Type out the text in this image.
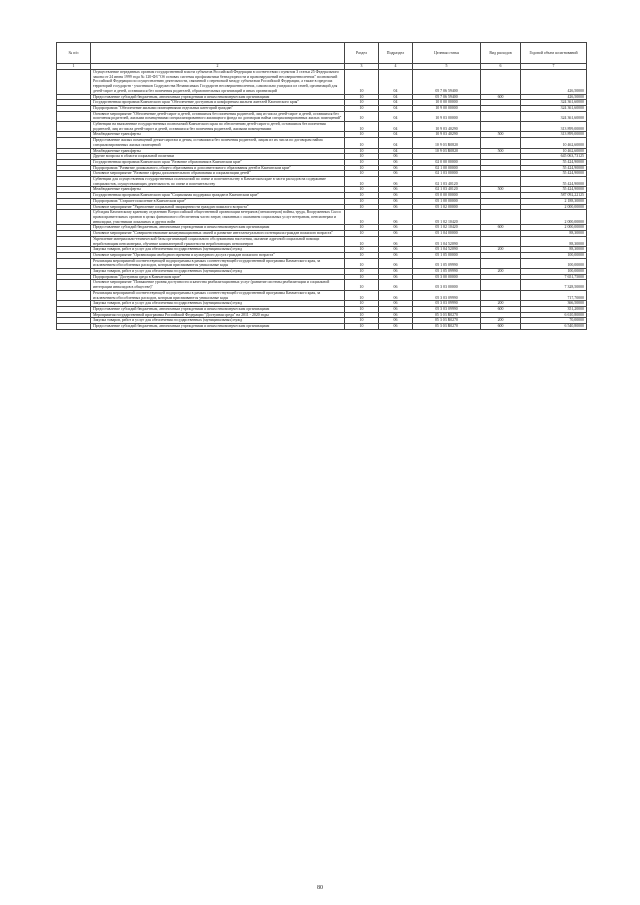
№ п/п		Раздел	Подраздел	Целевая статья	Вид расходов	Годовой объем ассигнований
1	2	3	4	5	6	7
	Осуществление переданных органам государственной власти субъектов Российской Федерации в соответствии с пунктом 3 статьи 25 Федерального закона от 24 июня 1999 года № 120-ФЗ "Об основах системы профилактики безнадзорности и правонарушений несовершеннолетних" полномочий Российской Федерации по осуществлению деятельности, связанной с перевозкой между субъектами Российской Федерации, а также в пределах территорий государств - участников Содружества Независимых Государств несовершеннолетних, самовольно ушедших из семей, организаций для детей-сирот и детей, оставшихся без попечения родителей, образовательных организаций и иных организаций	10	04	05 7 06 59400		426,50000
	Предоставление субсидий бюджетным, автономным учреждениям и иным некоммерческим организациям	10	04	05 7 06 59400	600	426,50000
	Государственная программа Камчатского края "Обеспечение доступным и комфортным жильем жителей Камчатского края"	10	04	10 0 00 00000		324 361,60000
	Подпрограмма "Обеспечение жилыми помещениями отдельных категорий граждан"	10	04	10 9 00 00000		324 361,60000
	Основное мероприятие "Обеспечение детей-сирот и детей, оставшихся без попечения родителей, лиц из числа детей-сирот и детей, оставшихся без попечения родителей, жилыми помещениями специализированного жилищного фонда по договорам найма специализированных жилых помещений"	10	04	10 9 03 00000		324 361,60000
	Субвенции на выполнение государственных полномочий Камчатского края по обеспечению детей-сирот и детей, оставшихся без попечения родителей, лиц из числа детей-сирот и детей, оставшихся без попечения родителей, жилыми помещениями	10	04	10 9 03 40290		313 899,00000
	Межбюджетные трансферты	10	04	10 9 03 40290	500	313 899,00000
	Предоставление жилых помещений детям-сиротам и детям, оставшимся без попечения родителей, лицам из их числа по договорам найма специализированных жилых помещений	10	04	10 9 03 R0820		10 462,60000
	Межбюджетные трансферты	10	04	10 9 03 R0820	500	10 462,60000
	Другие вопросы в области социальной политики	10	06			645 063,73125
	Государственная программа Камчатского края "Развитие образования в Камчатском крае"	10	06	02 0 00 00000		55 424,90000
	Подпрограмма "Развитие дошкольного, общего образования и дополнительного образования детей в Камчатском крае"	10	06	02 1 00 00000		55 424,90000
	Основное мероприятие "Развитие сферы дополнительного образования и социализации детей"	10	06	02 1 03 00000		55 424,90000
	Субвенции для осуществления государственных полномочий по опеке и попечительству в Камчатском крае в части расходов на содержание специалистов, осуществляющих деятельность по опеке и попечительству	10	06	02 1 03 40120		55 424,90000
	Межбюджетные трансферты	10	06	02 1 03 40120	500	55 424,90000
	Государственная программа Камчатского края "Социальная поддержка граждан в Камчатском крае"	10	06	05 0 00 00000		587 092,22125
	Подпрограмма "Старшее поколение в Камчатском крае"	10	06	05 1 00 00000		2 188,30000
	Основное мероприятие "Укрепление социальной защищенности граждан пожилого возраста"	10	06	05 1 02 00000		2 000,00000
	Субсидия Камчатскому краевому отделению Всероссийской общественной организации ветеранов (пенсионеров) войны, труда, Вооруженных Сил и правоохранительных органов в целях финансового обеспечения части затрат, связанных с оказанием социальных услуг ветеранам, пенсионерам и инвалидам, участникам локальных и других войн	10	06	05 1 02 10420		2 000,00000
	Предоставление субсидий бюджетным, автономным учреждениям и иным некоммерческим организациям	10	06	05 1 02 10420	600	2 000,00000
	Основное мероприятие "Совершенствование коммуникационных связей и развитие интеллектуального потенциала граждан пожилого возраста"	10	06	05 1 04 00000		88,30000
	Укрепление материально-технической базы организаций социального обслуживания населения, оказание адресной социальной помощи неработающим пенсионерам, обучение компьютерной грамотности неработающих пенсионеров	10	06	05 1 04 52090		88,30000
	Закупка товаров, работ и услуг для обеспечения государственных (муниципальных) нужд	10	06	05 1 04 52090	200	88,30000
	Основное мероприятие "Организация свободного времени и культурного досуга граждан пожилого возраста"	10	06	05 1 05 00000		100,00000
	Реализация мероприятий соответствующей подпрограммы в рамках соответствующей государственной программы Камчатского края, за исключением обособленных расходов, которым присваиваются уникальные коды	10	06	05 1 05 09990		100,00000
	Закупка товаров, работ и услуг для обеспечения государственных (муниципальных) нужд	10	06	05 1 05 09990	200	100,00000
	Подпрограмма "Доступная среда в Камчатском крае"	10	06	05 3 00 00000		7 651,75000
	Основное мероприятие "Повышение уровня доступности и качества реабилитационных услуг (развитие системы реабилитации и социальной интеграции инвалидов в обществе)"	10	06	05 3 03 00000		7 328,50000
	Реализация мероприятий соответствующей подпрограммы в рамках соответствующей государственной программы Камчатского края, за исключением обособленных расходов, которым присваиваются уникальные коды	10	06	05 3 03 09990		717,70000
	Закупка товаров, работ и услуг для обеспечения государственных (муниципальных) нужд	10	06	05 3 03 09990	200	366,50000
	Предоставление субсидий бюджетным, автономным учреждениям и иным некоммерческим организациям	10	06	05 3 03 09990	600	351,20000
	Мероприятия государственной программы Российской Федерации "Доступная среда" на 2011 - 2020 годы	10	06	05 3 03 R0270		6 610,80000
	Закупка товаров, работ и услуг для обеспечения государственных (муниципальных) нужд	10	06	05 3 03 R0270	200	70,00000
	Предоставление субсидий бюджетным, автономным учреждениям и иным некоммерческим организациям	10	06	05 3 03 R0270	600	6 540,80000
80
